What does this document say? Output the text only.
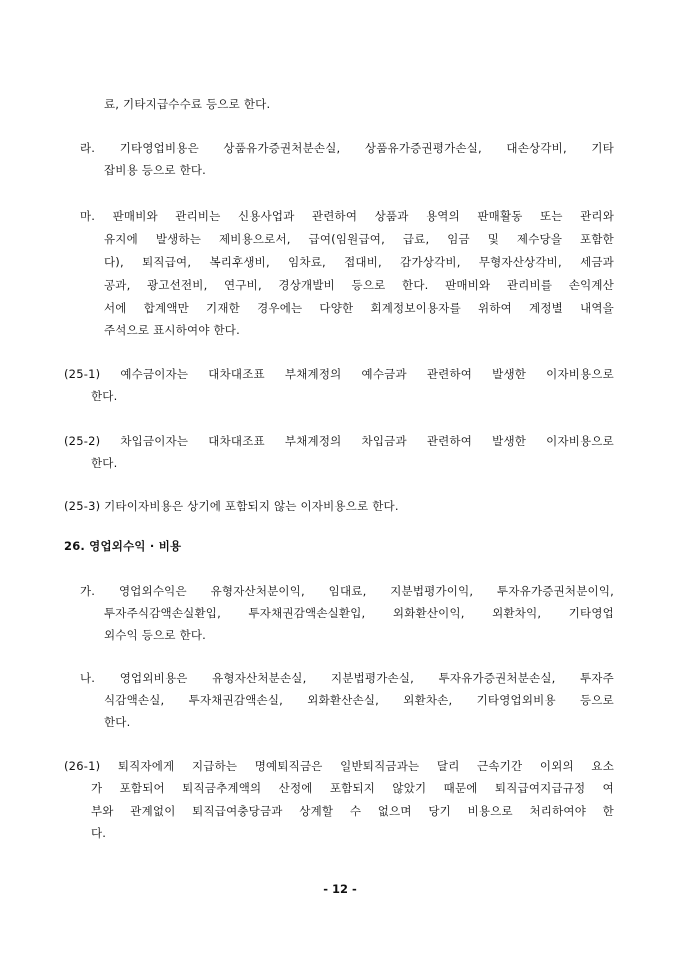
료, 기타지급수수료 등으로 한다.
라. 기타영업비용은 상품유가증권처분손실, 상품유가증권평가손실, 대손상각비, 기타
잡비용 등으로 한다.
마. 판매비와 관리비는 신용사업과 관련하여 상품과 용역의 판매활동 또는 관리와
유지에 발생하는 제비용으로서, 급여(임원급여, 급료, 임금 및 제수당을 포함한
다), 퇴직급여, 복리후생비, 임차료, 접대비, 감가상각비, 무형자산상각비, 세금과
공과, 광고선전비, 연구비, 경상개발비 등으로 한다. 판매비와 관리비를 손익계산
서에 합계액만 기재한 경우에는 다양한 회계정보이용자를 위하여 계정별 내역을
주석으로 표시하여야 한다.
(25-1) 예수금이자는 대차대조표 부채계정의 예수금과 관련하여 발생한 이자비용으로
한다.
(25-2) 차입금이자는 대차대조표 부채계정의 차입금과 관련하여 발생한 이자비용으로
한다.
(25-3) 기타이자비용은 상기에 포함되지 않는 이자비용으로 한다.
26. 영업외수익 · 비용
가. 영업외수익은 유형자산처분이익, 임대료, 지분법평가이익, 투자유가증권처분이익,
투자주식감액손실환입, 투자채권감액손실환입, 외화환산이익, 외환차익, 기타영업
외수익 등으로 한다.
나. 영업외비용은 유형자산처분손실, 지분법평가손실, 투자유가증권처분손실, 투자주
식감액손실, 투자채권감액손실, 외화환산손실, 외환차손, 기타영업외비용 등으로
한다.
(26-1) 퇴직자에게 지급하는 명예퇴직금은 일반퇴직금과는 달리 근속기간 이외의 요소
가 포함되어 퇴직금추계액의 산정에 포함되지 않았기 때문에 퇴직급여지급규정 여
부와 관계없이 퇴직급여충당금과 상계할 수 없으며 당기 비용으로 처리하여야 한
다.
- 12 -
